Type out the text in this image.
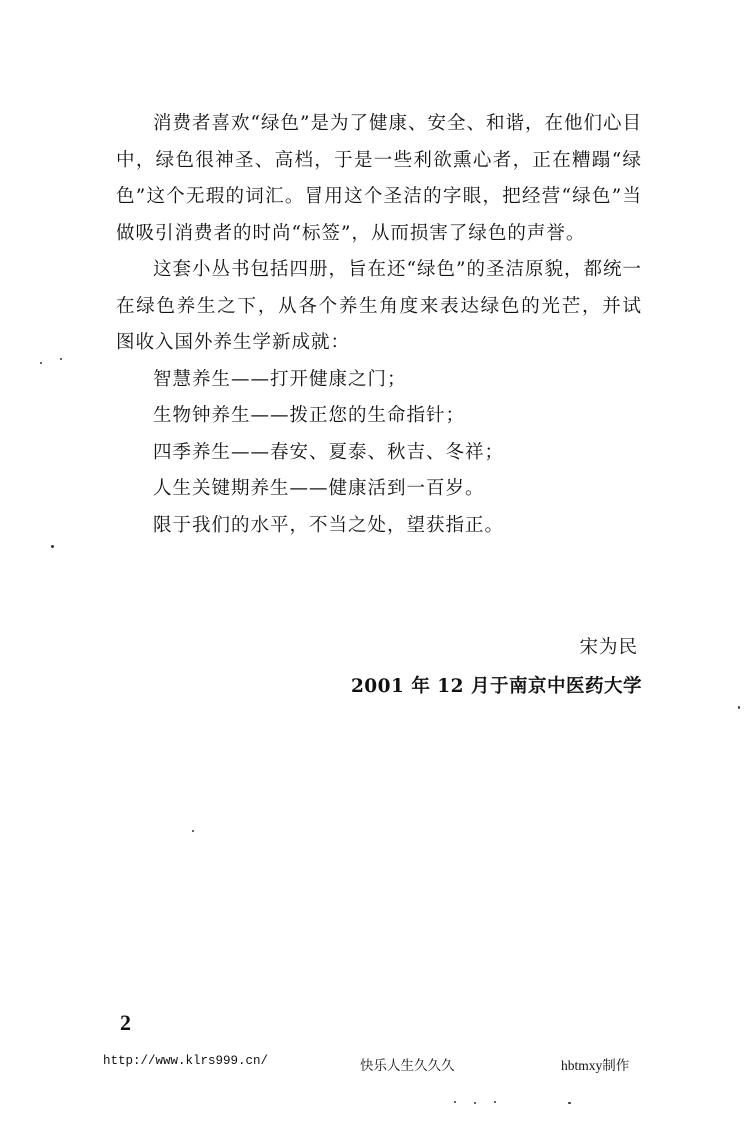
消费者喜欢“绿色”是为了健康、安全、和谐，在他们心目中，绿色很神圣、高档，于是一些利欲熏心者，正在糟蹋“绿色”这个无瑕的词汇。冒用这个圣洁的字眼，把经营“绿色”当做吸引消费者的时尚“标签”，从而损害了绿色的声誉。

这套小丛书包括四册，旨在还“绿色”的圣洁原貌，都统一在绿色养生之下，从各个养生角度来表达绿色的光芒，并试图收入国外养生学新成就：

智慧养生——打开健康之门；
生物钟养生——拨正您的生命指针；
四季养生——春安、夏泰、秋吉、冬祥；
人生关键期养生——健康活到一百岁。
限于我们的水平，不当之处，望获指正。
宋为民
2001 年 12 月于南京中医药大学
2
http://www.klrs999.cn/	快乐人生久久久	hbtmxy制作
